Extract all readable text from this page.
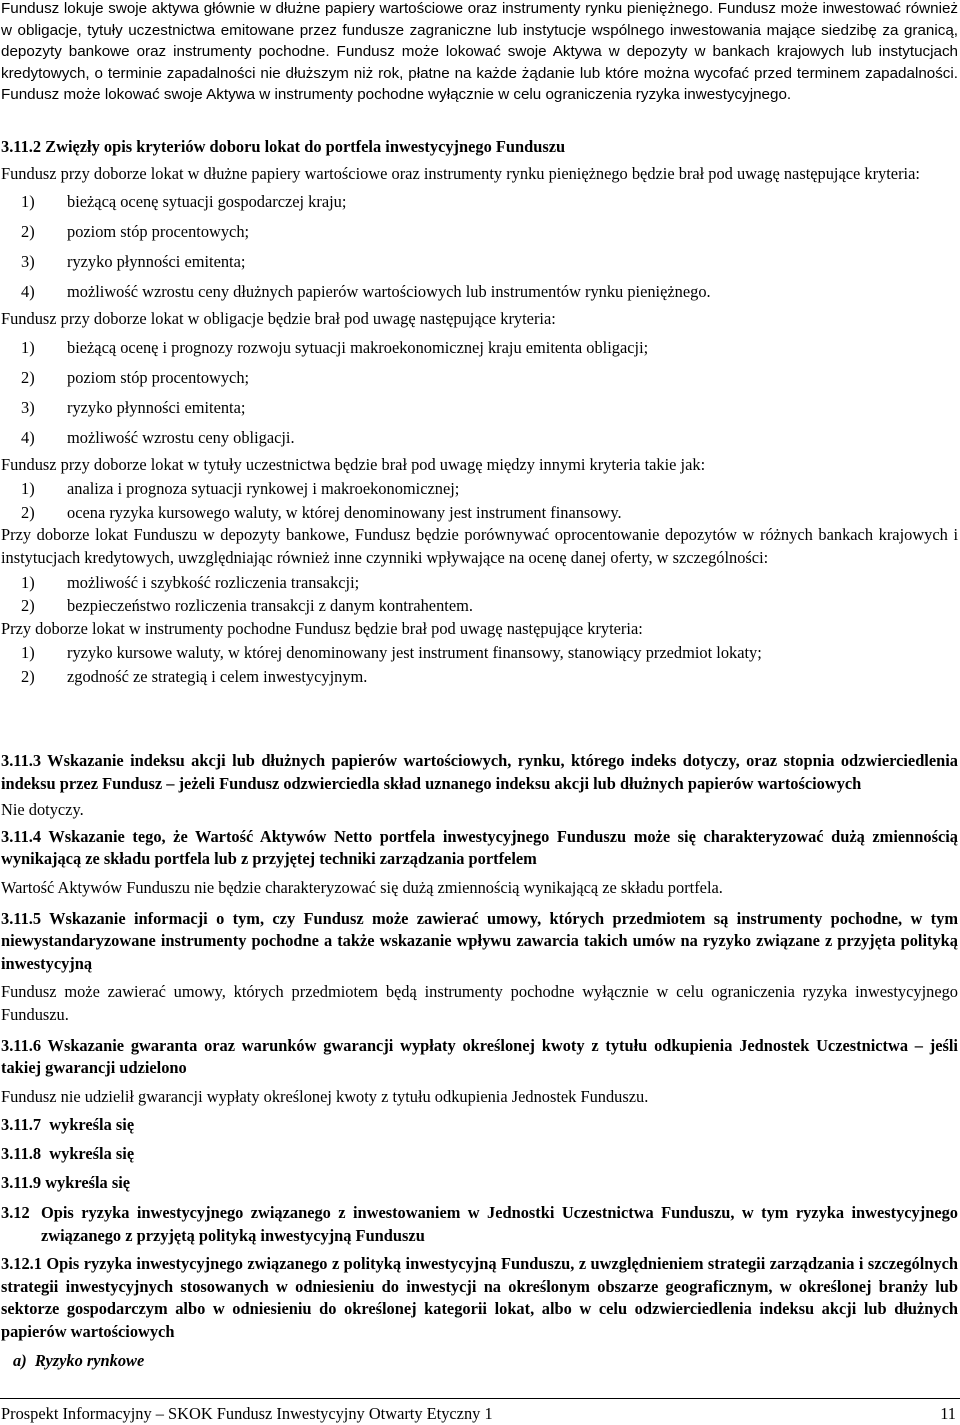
Fundusz lokuje swoje aktywa głównie w dłużne papiery wartościowe oraz instrumenty rynku pieniężnego. Fundusz może inwestować również w obligacje, tytuły uczestnictwa emitowane przez fundusze zagraniczne lub instytucje wspólnego inwestowania mające siedzibę za granicą, depozyty bankowe oraz instrumenty pochodne. Fundusz może lokować swoje Aktywa w depozyty w bankach krajowych lub instytucjach kredytowych, o terminie zapadalności nie dłuższym niż rok, płatne na każde żądanie lub które można wycofać przed terminem zapadalności. Fundusz może lokować swoje Aktywa w instrumenty pochodne wyłącznie w celu ograniczenia ryzyka inwestycyjnego.

3.11.2 Zwięzły opis kryteriów doboru lokat do portfela inwestycyjnego Funduszu

Fundusz przy doborze lokat w dłużne papiery wartościowe oraz instrumenty rynku pieniężnego będzie brał pod uwagę następujące kryteria:

1) bieżącą ocenę sytuacji gospodarczej kraju;
2) poziom stóp procentowych;
3) ryzyko płynności emitenta;
4) możliwość wzrostu ceny dłużnych papierów wartościowych lub instrumentów rynku pieniężnego.

Fundusz przy doborze lokat w obligacje będzie brał pod uwagę następujące kryteria:

1) bieżącą ocenę i prognozy rozwoju sytuacji makroekonomicznej kraju emitenta obligacji;
2) poziom stóp procentowych;
3) ryzyko płynności emitenta;
4) możliwość wzrostu ceny obligacji.

Fundusz przy doborze lokat w tytuły uczestnictwa będzie brał pod uwagę między innymi kryteria takie jak:

1) analiza i prognoza sytuacji rynkowej i makroekonomicznej;
2) ocena ryzyka kursowego waluty, w której denominowany jest instrument finansowy.

Przy doborze lokat Funduszu w depozyty bankowe, Fundusz będzie porównywać oprocentowanie depozytów w różnych bankach krajowych i instytucjach kredytowych, uwzględniając również inne czynniki wpływające na ocenę danej oferty, w szczególności:

1) możliwość i szybkość rozliczenia transakcji;
2) bezpieczeństwo rozliczenia transakcji z danym kontrahentem.

Przy doborze lokat w instrumenty pochodne Fundusz będzie brał pod uwagę następujące kryteria:

1) ryzyko kursowe waluty, w której denominowany jest instrument finansowy, stanowiący przedmiot lokaty;
2) zgodność ze strategią i celem inwestycyjnym.

3.11.3 Wskazanie indeksu akcji lub dłużnych papierów wartościowych, rynku, którego indeks dotyczy, oraz stopnia odzwierciedlenia indeksu przez Fundusz – jeżeli Fundusz odzwierciedla skład uznanego indeksu akcji lub dłużnych papierów wartościowych

Nie dotyczy.

3.11.4 Wskazanie tego, że Wartość Aktywów Netto portfela inwestycyjnego Funduszu może się charakteryzować dużą zmiennością wynikającą ze składu portfela lub z przyjętej techniki zarządzania portfelem

Wartość Aktywów Funduszu nie będzie charakteryzować się dużą zmiennością wynikającą ze składu portfela.

3.11.5 Wskazanie informacji o tym, czy Fundusz może zawierać umowy, których przedmiotem są instrumenty pochodne, w tym niewystandaryzowane instrumenty pochodne a także wskazanie wpływu zawarcia takich umów na ryzyko związane z przyjęta polityką inwestycyjną

Fundusz może zawierać umowy, których przedmiotem będą instrumenty pochodne wyłącznie w celu ograniczenia ryzyka inwestycyjnego Funduszu.

3.11.6 Wskazanie gwaranta oraz warunków gwarancji wypłaty określonej kwoty z tytułu odkupienia Jednostek Uczestnictwa – jeśli takiej gwarancji udzielono

Fundusz nie udzielił gwarancji wypłaty określonej kwoty z tytułu odkupienia Jednostek Funduszu.

3.11.7 wykreśla się

3.11.8 wykreśla się

3.11.9 wykreśla się

3.12 Opis ryzyka inwestycyjnego związanego z inwestowaniem w Jednostki Uczestnictwa Funduszu, w tym ryzyka inwestycyjnego związanego z przyjętą polityką inwestycyjną Funduszu

3.12.1 Opis ryzyka inwestycyjnego związanego z polityką inwestycyjną Funduszu, z uwzględnieniem strategii zarządzania i szczególnych strategii inwestycyjnych stosowanych w odniesieniu do inwestycji na określonym obszarze geograficznym, w określonej branży lub sektorze gospodarczym albo w odniesieniu do określonej kategorii lokat, albo w celu odzwierciedlenia indeksu akcji lub dłużnych papierów wartościowych

a)  Ryzyko rynkowe

Prospekt Informacyjny – SKOK Fundusz Inwestycyjny Otwarty Etyczny 1	11
